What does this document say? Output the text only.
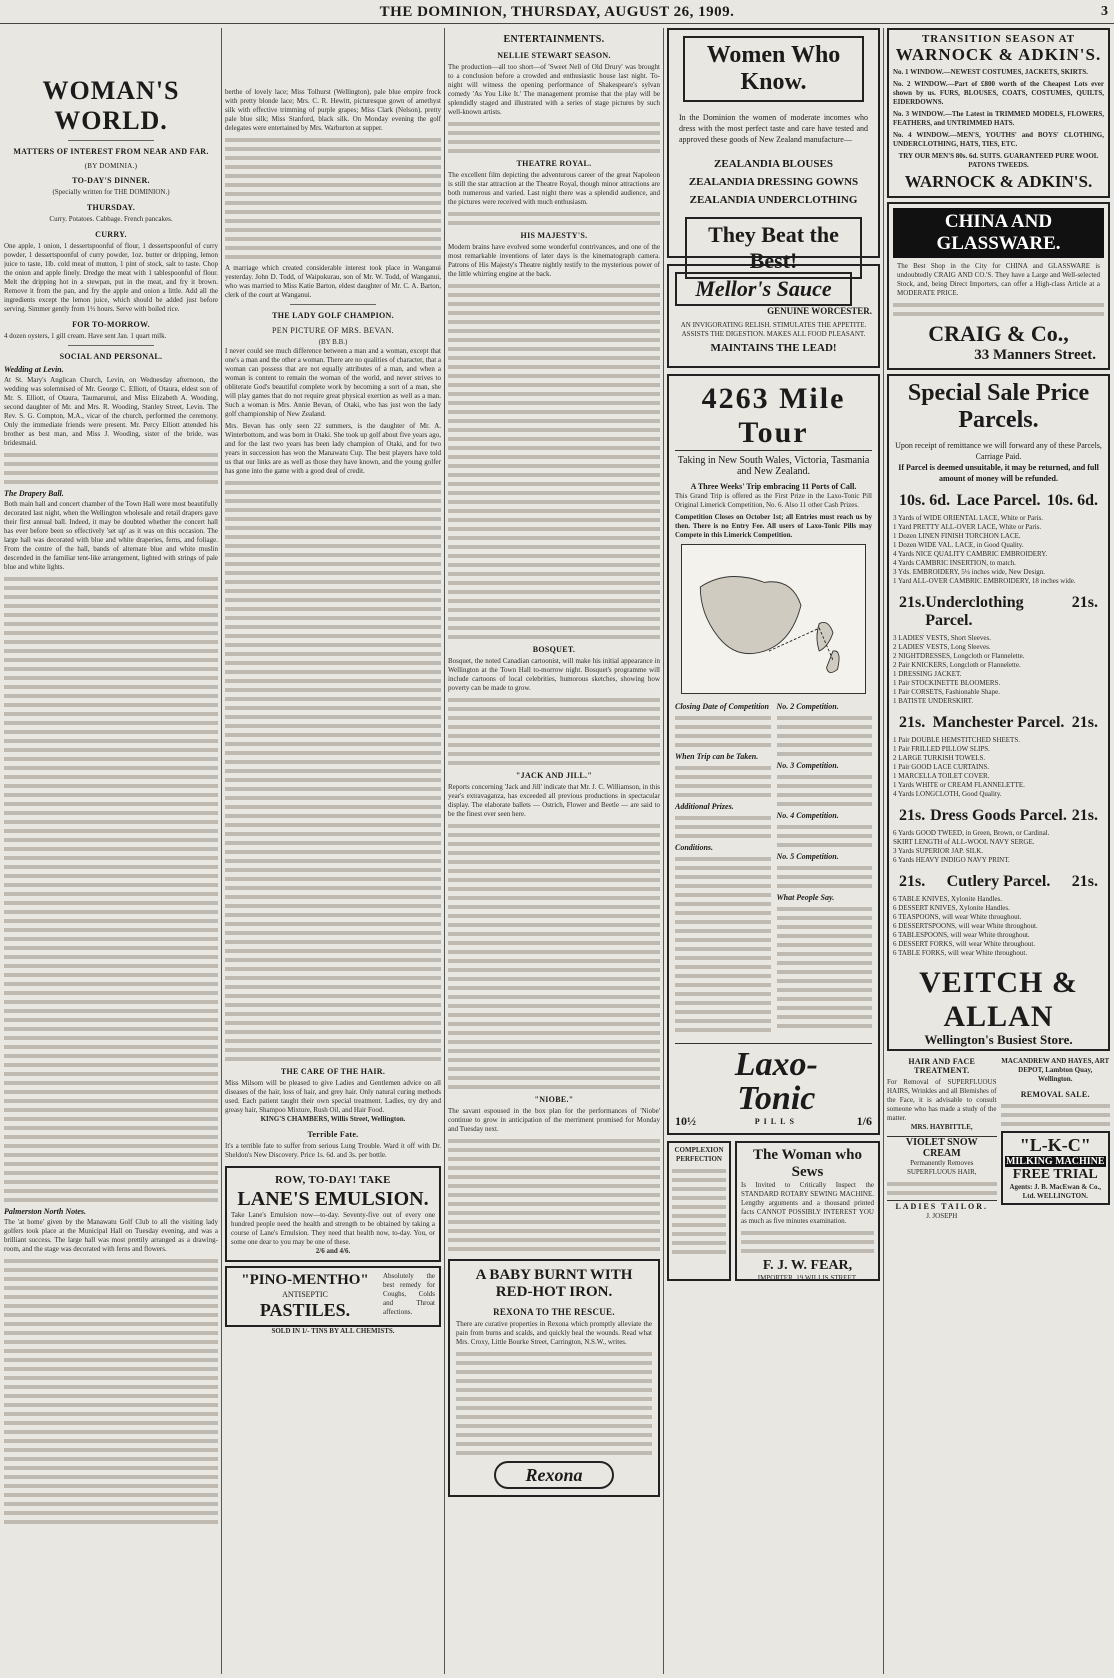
THE DOMINION, THURSDAY, AUGUST 26, 1909.	3
WOMAN'S WORLD.
MATTERS OF INTEREST FROM NEAR AND FAR.
(BY DOMINIA.)
TO-DAY'S DINNER.
(Specially written for THE DOMINION.)
THURSDAY.
Curry. Potatoes. Cabbage. French pancakes.
CURRY.
One apple, 1 onion, 1 dessertspoonful of flour, 1 dessertspoonful of curry powder, 1 dessertspoonful of curry powder, 1oz. butter or dripping, lemon juice to taste, 1lb. cold meat of mutton, 1 pint of stock, salt to taste. Chop the onion and apple finely. Dredge the meat with 1 tablespoonful of flour. Melt the dripping hot in a stewpan, put in the meat, and fry it brown. Remove it from the pan, and fry the apple and onion a little. Add all the ingredients except the lemon juice, which should be added just before serving. Simmer gently from 1½ hours. Serve with boiled rice.
FOR TO-MORROW.
4 dozen oysters, 1 gill cream. Have sent Jan. 1 quart milk.
SOCIAL AND PERSONAL.
Wedding at Levin.
At St. Mary's Anglican Church, Levin, on Wednesday afternoon, the wedding was solemnised of Mr. George C. Elliott, of Otaura, eldest son of Mr. S. Elliott, of Otaura, Taumarunui, and Miss Elizabeth A. Wooding, second daughter of Mr. and Mrs. R. Wooding, Stanley Street, Levin. The Rev. S. G. Compton, M.A., vicar of the church, performed the ceremony. Only the immediate friends were present. Mr. Percy Elliott attended his brother as best man, and Miss J. Wooding, sister of the bride, was bridesmaid.
The Drapery Ball.
Both main hall and concert chamber of the Town Hall were most beautifully decorated last night, when the Wellington wholesale and retail drapers gave their first annual ball. Indeed, it may be doubted whether the concert hall has ever before been so effectively 'set up' as it was on this occasion. The large hall was decorated with blue and white draperies, ferns, and foliage. From the centre of the hall, bands of alternate blue and white muslin descended in the familiar tent-like arrangement, lighted with strings of pale blue and white lights.
Palmerston North Notes.
The 'at home' given by the Manawatu Golf Club to all the visiting lady golfers took place at the Municipal Hall on Tuesday evening, and was a brilliant success. The large hall was most prettily arranged as a drawing-room, and the stage was decorated with ferns and flowers.
berthe of lovely lace; Miss Tolhurst (Wellington), pale blue empire frock with pretty blonde lace; Mrs. C. R. Hewitt, picturesque gown of amethyst silk with effective trimming of purple grapes; Miss Clark (Nelson), pretty pale blue silk; Miss Stanford, black silk. On Monday evening the golf delegates were entertained by Mrs. Warburton at supper.
A marriage which created considerable interest took place in Wanganui yesterday. John D. Todd, of Waipukurau, son of Mr. W. Todd, of Wanganui, who was married to Miss Katie Barton, eldest daughter of Mr. C. A. Barton, clerk of the court at Wanganui.
THE LADY GOLF CHAMPION.
PEN PICTURE OF MRS. BEVAN.
(BY B.B.)
I never could see much difference between a man and a woman, except that one's a man and the other a woman. There are no qualities of character, that a woman can possess that are not equally attributes of a man, and when a woman is content to remain the woman of the world, and never strives to obliterate God's beautiful complete work by becoming a sort of a man, she will play games that do not require great physical exertion as well as a man. Such a woman is Mrs. Annie Bevan, of Otaki, who has just won the lady golf championship of New Zealand.
Mrs. Bevan has only seen 22 summers, is the daughter of Mr. A. Winterbottom, and was born in Otaki. She took up golf about five years ago, and for the last two years has been lady champion of Otaki, and for two years in succession has won the Manawatu Cup. The best players have told us that our links are as well as those they have known, and the young golfer has gone into the game with a good deal of credit.
THE CARE OF THE HAIR.
Miss Milsom will be pleased to give Ladies and Gentlemen advice on all diseases of the hair, loss of hair, and grey hair. Only natural curing methods used. Each patient taught their own special treatment. Ladies, try dry and greasy hair, Shampoo Mixture, Rush Oil, and Hair Food.
KING'S CHAMBERS, Willis Street, Wellington.
Terrible Fate.
It's a terrible fate to suffer from serious Lung Trouble. Ward it off with Dr. Sheldon's New Discovery. Price 1s. 6d. and 3s. per bottle.
ROW, TO-DAY! TAKE
LANE'S EMULSION.
Take Lane's Emulsion now—to-day. Seventy-five out of every one hundred people need the health and strength to be obtained by taking a course of Lane's Emulsion. They need that health now, to-day. You, or some one dear to you may be one of these.
2/6 and 4/6.
"PINO-MENTHO"
ANTISEPTIC
PASTILES.
Absolutely the best remedy for Coughs, Colds and Throat affections.
SOLD IN 1/- TINS BY ALL CHEMISTS.
ENTERTAINMENTS.
NELLIE STEWART SEASON.
The production—all too short—of 'Sweet Nell of Old Drury' was brought to a conclusion before a crowded and enthusiastic house last night. To-night will witness the opening performance of Shakespeare's sylvan comedy 'As You Like It.' The management promise that the play will be splendidly staged and illustrated with a series of stage pictures by such well-known artists.
THEATRE ROYAL.
The excellent film depicting the adventurous career of the great Napoleon is still the star attraction at the Theatre Royal, though minor attractions are both numerous and varied. Last night there was a splendid audience, and the pictures were received with much enthusiasm.
HIS MAJESTY'S.
Modern brains have evolved some wonderful contrivances, and one of the most remarkable inventions of later days is the kinematograph camera. Patrons of His Majesty's Theatre nightly testify to the mysterious power of the little whirring engine at the back.
BOSQUET.
Bosquet, the noted Canadian cartoonist, will make his initial appearance in Wellington at the Town Hall to-morrow night. Bosquet's programme will include cartoons of local celebrities, humorous sketches, showing how poverty can be made to grow.
"JACK AND JILL."
Reports concerning 'Jack and Jill' indicate that Mr. J. C. Williamson, in this year's extravaganza, has exceeded all previous productions in spectacular display. The elaborate ballets — Ostrich, Flower and Beetle — are said to be the finest ever seen here.
"NIOBE."
The savant espoused in the box plan for the performances of 'Niobe' continue to grow in anticipation of the merriment promised for Monday and Tuesday next.
A BABY BURNT WITH RED-HOT IRON.
REXONA TO THE RESCUE.
There are curative properties in Rexona which promptly alleviate the pain from burns and scalds, and quickly heal the wounds. Read what Mrs. Croxy, Little Bourke Street, Carrington, N.S.W., writes.
Rexona
Women Who Know.
In the Dominion the women of moderate incomes who dress with the most perfect taste and care have tested and approved these goods of New Zealand manufacture—
ZEALANDIA BLOUSES
ZEALANDIA DRESSING GOWNS
ZEALANDIA UNDERCLOTHING
They Beat the Best!
Mellor's Sauce
GENUINE WORCESTER.
AN INVIGORATING RELISH. STIMULATES THE APPETITE. ASSISTS THE DIGESTION. MAKES ALL FOOD PLEASANT.
MAINTAINS THE LEAD!
4263 Mile Tour
Taking in New South Wales, Victoria, Tasmania and New Zealand.
A Three Weeks' Trip embracing 11 Ports of Call.
This Grand Trip is offered as the First Prize in the Laxo-Tonic Pill Original Limerick Competition, No. 6. Also 11 other Cash Prizes.
Competition Closes on October 1st; all Entries must reach us by then. There is no Entry Fee. All users of Laxo-Tonic Pills may Compete in this Limerick Competition.
Closing Date of Competition
When Trip can be Taken.
Additional Prizes.
Conditions.
No. 2 Competition.
No. 3 Competition.
No. 4 Competition.
No. 5 Competition.
What People Say.
10½
Laxo-Tonic
PILLS	1/6
COMPLEXION PERFECTION	The Woman who Sews
Is Invited to Critically Inspect the STANDARD ROTARY SEWING MACHINE. Lengthy arguments and a thousand printed facts CANNOT POSSIBLY INTEREST YOU as much as five minutes examination.
F. J. W. FEAR,
IMPORTER, 19 WILLIS STREET.
TRANSITION SEASON AT
WARNOCK & ADKIN'S.
No. 1 WINDOW.—NEWEST COSTUMES, JACKETS, SKIRTS.
No. 2 WINDOW.—Part of £800 worth of the Cheapest Lots ever shown by us. FURS, BLOUSES, COATS, COSTUMES, QUILTS, EIDERDOWNS.
No. 3 WINDOW.—The Latest in TRIMMED MODELS, FLOWERS, FEATHERS, and UNTRIMMED HATS.
No. 4 WINDOW.—MEN'S, YOUTHS' and BOYS' CLOTHING, UNDERCLOTHING, HATS, TIES, ETC.
TRY OUR MEN'S 80s. 6d. SUITS. GUARANTEED PURE WOOL PATONS TWEEDS.
WARNOCK & ADKIN'S.
CHINA AND GLASSWARE.
The Best Shop in the City for CHINA and GLASSWARE is undoubtedly CRAIG AND CO.'S. They have a Large and Well-selected Stock, and, being Direct Importers, can offer a High-class Article at a MODERATE PRICE.
CRAIG & Co.,
33 Manners Street.
Special Sale Price Parcels.
Upon receipt of remittance we will forward any of these Parcels, Carriage Paid.
If Parcel is deemed unsuitable, it may be returned, and full amount of money will be refunded.
10s. 6d. Lace Parcel. 10s. 6d.
3 Yards of WIDE ORIENTAL LACE, White or Paris.
1 Yard PRETTY ALL-OVER LACE, White or Paris.
1 Dozen LINEN FINISH TORCHON LACE.
1 Dozen WIDE VAL. LACE, in Good Quality.
4 Yards NICE QUALITY CAMBRIC EMBROIDERY.
4 Yards CAMBRIC INSERTION, to match.
3 Yds. EMBROIDERY, 5¼ inches wide, New Design.
1 Yard ALL-OVER CAMBRIC EMBROIDERY, 18 inches wide.
21s. Underclothing Parcel.
21s.
3 LADIES' VESTS, Short Sleeves.
2 LADIES' VESTS, Long Sleeves.
2 NIGHTDRESSES, Longcloth or Flannelette.
2 Pair KNICKERS, Longcloth or Flannelette.
1 DRESSING JACKET.
1 Pair STOCKINETTE BLOOMERS.
1 Pair CORSETS, Fashionable Shape.
1 BATISTE UNDERSKIRT.
21s. Manchester Parcel. 21s.
1 Pair DOUBLE HEMSTITCHED SHEETS.
1 Pair FRILLED PILLOW SLIPS.
2 LARGE TURKISH TOWELS.
1 Pair GOOD LACE CURTAINS.
1 MARCELLA TOILET COVER.
1 Yards WHITE or CREAM FLANNELETTE.
4 Yards LONGCLOTH, Good Quality.
21s. Dress Goods Parcel. 21s.
6 Yards GOOD TWEED, in Green, Brown, or Cardinal.
SKIRT LENGTH of ALL-WOOL NAVY SERGE.
3 Yards SUPERIOR JAP. SILK.
6 Yards HEAVY INDIGO NAVY PRINT.
21s. Cutlery Parcel. 21s.
6 TABLE KNIVES, Xylonite Handles.
6 DESSERT KNIVES, Xylonite Handles.
6 TEASPOONS, will wear White throughout.
6 DESSERTSPOONS, will wear White throughout.
6 TABLESPOONS, will wear White throughout.
6 DESSERT FORKS, will wear White throughout.
6 TABLE FORKS, will wear White throughout.
VEITCH & ALLAN
Wellington's Busiest Store.
HAIR AND FACE TREATMENT.
For Removal of SUPERFLUOUS HAIRS, Wrinkles and all Blemishes of the Face, it is advisable to consult someone who has made a study of the matter.
MRS. HAYBITTLE,
VIOLET SNOW CREAM
Permanently Removes SUPERFLUOUS HAIR,
LADIES TAILOR.
J. JOSEPH
MACANDREW AND HAYES, ART DEPOT, Lambton Quay, Wellington.
REMOVAL SALE.
"L-K-C"
MILKING MACHINE
FREE TRIAL
Agents: J. B. MacEwan & Co., Ltd. WELLINGTON.
